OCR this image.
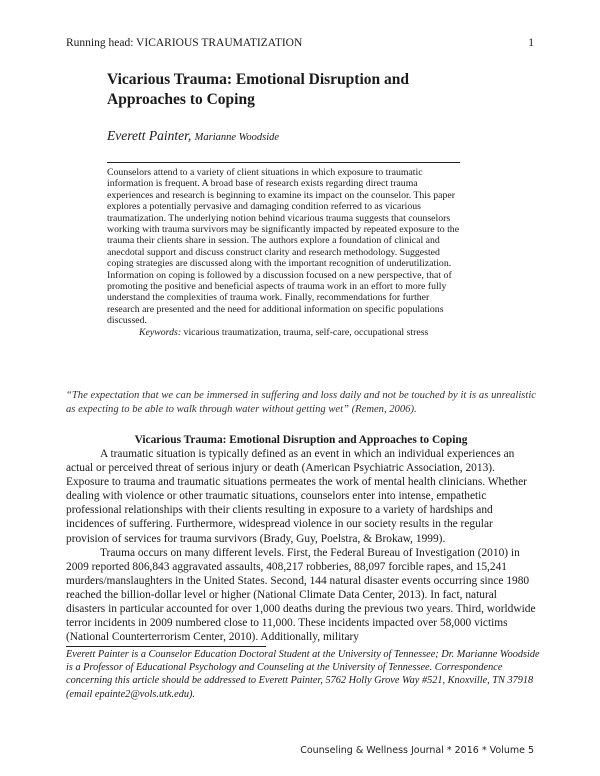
Running head: VICARIOUS TRAUMATIZATION	1
Vicarious Trauma: Emotional Disruption and Approaches to Coping
Everett Painter, Marianne Woodside

Counselors attend to a variety of client situations in which exposure to traumatic information is frequent. A broad base of research exists regarding direct trauma experiences and research is beginning to examine its impact on the counselor. This paper explores a potentially pervasive and damaging condition referred to as vicarious traumatization. The underlying notion behind vicarious trauma suggests that counselors working with trauma survivors may be significantly impacted by repeated exposure to the trauma their clients share in session. The authors explore a foundation of clinical and anecdotal support and discuss construct clarity and research methodology. Suggested coping strategies are discussed along with the important recognition of underutilization. Information on coping is followed by a discussion focused on a new perspective, that of promoting the positive and beneficial aspects of trauma work in an effort to more fully understand the complexities of trauma work. Finally, recommendations for further research are presented and the need for additional information on specific populations discussed.

Keywords: vicarious traumatization, trauma, self-care, occupational stress

“The expectation that we can be immersed in suffering and loss daily and not be touched by it is as unrealistic as expecting to be able to walk through water without getting wet” (Remen, 2006).
Vicarious Trauma: Emotional Disruption and Approaches to Coping

A traumatic situation is typically defined as an event in which an individual experiences an actual or perceived threat of serious injury or death (American Psychiatric Association, 2013). Exposure to trauma and traumatic situations permeates the work of mental health clinicians. Whether dealing with violence or other traumatic situations, counselors enter into intense, empathetic professional relationships with their clients resulting in exposure to a variety of hardships and incidences of suffering. Furthermore, widespread violence in our society results in the regular provision of services for trauma survivors (Brady, Guy, Poelstra, & Brokaw, 1999).

Trauma occurs on many different levels. First, the Federal Bureau of Investigation (2010) in 2009 reported 806,843 aggravated assaults, 408,217 robberies, 88,097 forcible rapes, and 15,241 murders/manslaughters in the United States. Second, 144 natural disaster events occurring since 1980 reached the billion-dollar level or higher (National Climate Data Center, 2013). In fact, natural disasters in particular accounted for over 1,000 deaths during the previous two years. Third, worldwide terror incidents in 2009 numbered close to 11,000. These incidents impacted over 58,000 victims (National Counterterrorism Center, 2010). Additionally, military

Everett Painter is a Counselor Education Doctoral Student at the University of Tennessee; Dr. Marianne Woodside is a Professor of Educational Psychology and Counseling at the University of Tennessee. Correspondence concerning this article should be addressed to Everett Painter, 5762 Holly Grove Way #521, Knoxville, TN 37918 (email epainte2@vols.utk.edu).
Counseling & Wellness Journal * 2016 * Volume 5
